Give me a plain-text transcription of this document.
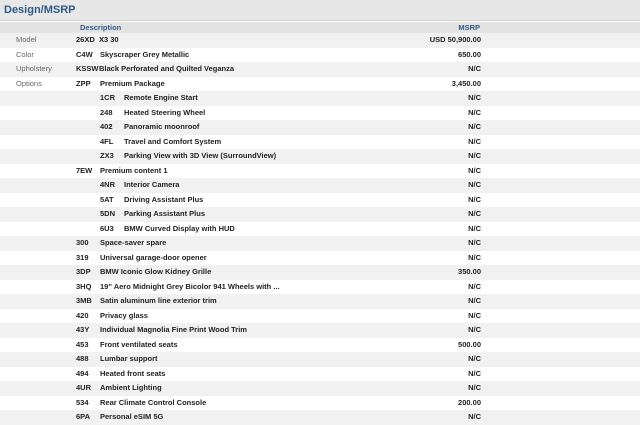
Design/MSRP
Description	MSRP
Model	26XD X3 30	USD 50,900.00
Color	C4W Skyscraper Grey Metallic	650.00
Upholstery	KSSW Black Perforated and Quilted Veganza	N/C
Options	ZPP Premium Package	3,450.00
1CR Remote Engine Start	N/C
248 Heated Steering Wheel	N/C
402 Panoramic moonroof	N/C
4FL Travel and Comfort System	N/C
ZX3 Parking View with 3D View (SurroundView)	N/C
7EW Premium content 1	N/C
4NR Interior Camera	N/C
5AT Driving Assistant Plus	N/C
5DN Parking Assistant Plus	N/C
6U3 BMW Curved Display with HUD	N/C
300 Space-saver spare	N/C
319 Universal garage-door opener	N/C
3DP BMW Iconic Glow Kidney Grille	350.00
3HQ 19" Aero Midnight Grey Bicolor 941 Wheels with ...	N/C
3MB Satin aluminum line exterior trim	N/C
420 Privacy glass	N/C
43Y Individual Magnolia Fine Print Wood Trim	N/C
453 Front ventilated seats	500.00
488 Lumbar support	N/C
494 Heated front seats	N/C
4UR Ambient Lighting	N/C
534 Rear Climate Control Console	200.00
6PA Personal eSIM 5G	N/C
